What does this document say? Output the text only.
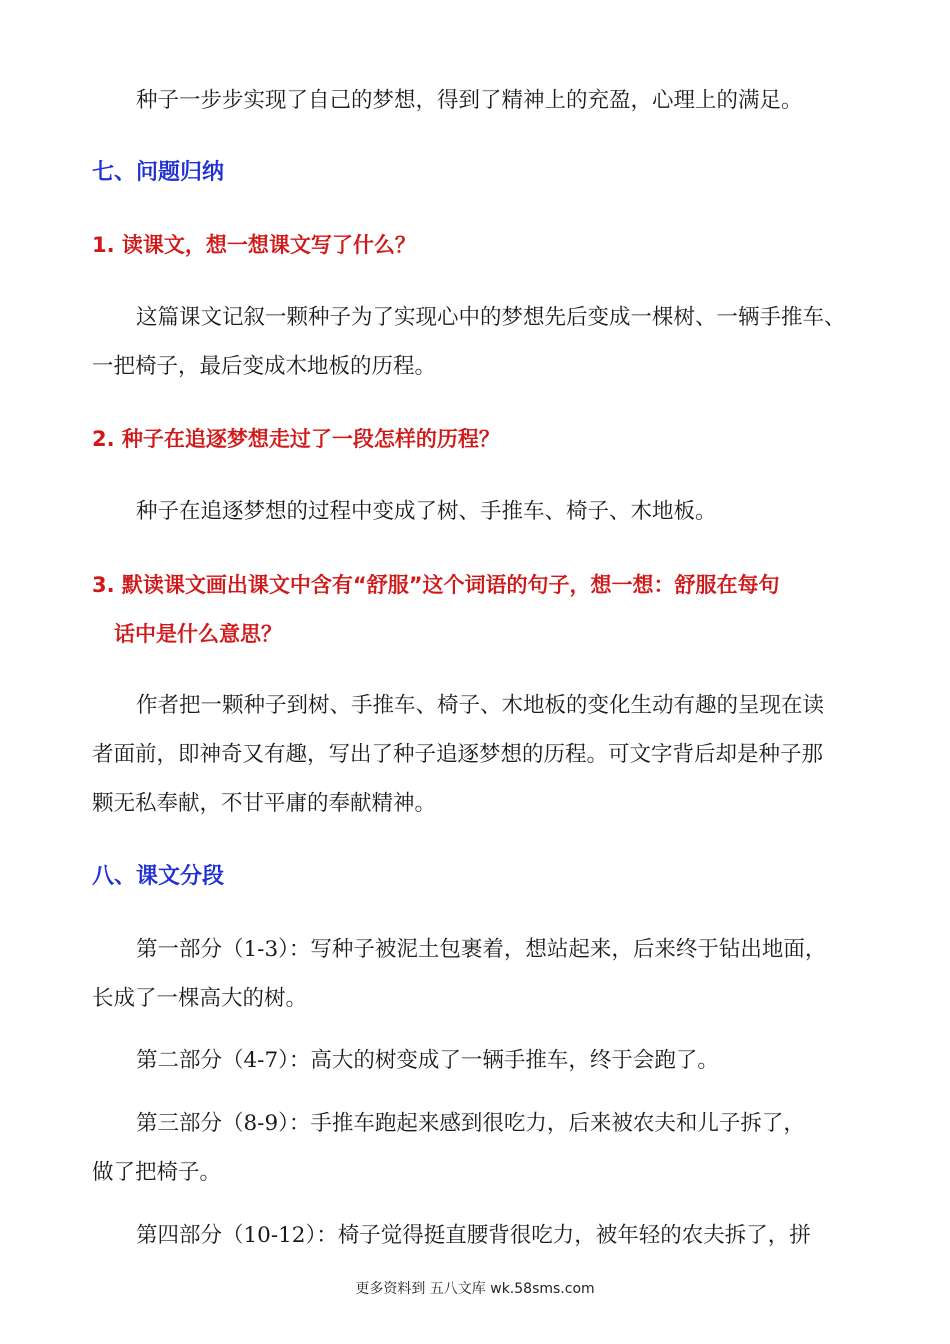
种子一步步实现了自己的梦想，得到了精神上的充盈，心理上的满足。
七、问题归纳
1. 读课文，想一想课文写了什么？
这篇课文记叙一颗种子为了实现心中的梦想先后变成一棵树、一辆手推车、
一把椅子，最后变成木地板的历程。
2. 种子在追逐梦想走过了一段怎样的历程？
种子在追逐梦想的过程中变成了树、手推车、椅子、木地板。
3. 默读课文画出课文中含有“舒服”这个词语的句子，想一想：舒服在每句
话中是什么意思？
作者把一颗种子到树、手推车、椅子、木地板的变化生动有趣的呈现在读
者面前，即神奇又有趣，写出了种子追逐梦想的历程。可文字背后却是种子那
颗无私奉献，不甘平庸的奉献精神。
八、课文分段
第一部分（1-3）：写种子被泥土包裹着，想站起来，后来终于钻出地面，
长成了一棵高大的树。
第二部分（4-7）：高大的树变成了一辆手推车，终于会跑了。
第三部分（8-9）：手推车跑起来感到很吃力，后来被农夫和儿子拆了，
做了把椅子。
第四部分（10-12）：椅子觉得挺直腰背很吃力，被年轻的农夫拆了，拼
更多资料到 五八文库 wk.58sms.com
